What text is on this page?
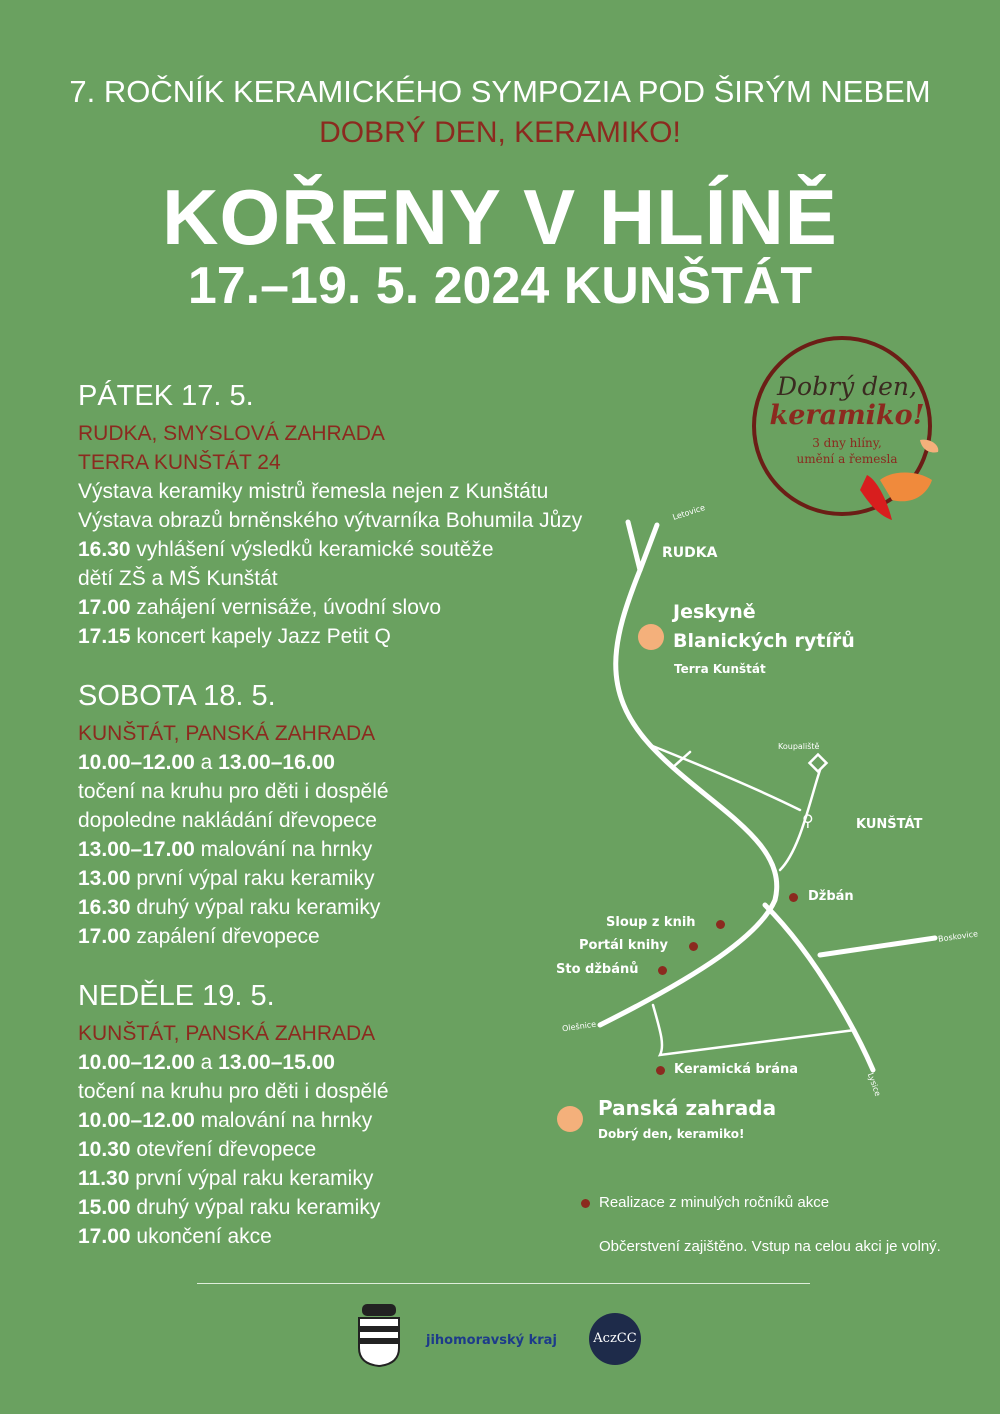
7. ROČNÍK KERAMICKÉHO SYMPOZIA POD ŠIRÝM NEBEM
DOBRÝ DEN, KERAMIKO!
KOŘENY V HLÍNĚ
17.–19. 5. 2024 KUNŠTÁT
PÁTEK 17. 5.
RUDKA, SMYSLOVÁ ZAHRADA
TERRA KUNŠTÁT 24
Výstava keramiky mistrů řemesla nejen z Kunštátu
Výstava obrazů brněnského výtvarníka Bohumila Jůzy
16.30 vyhlášení výsledků keramické soutěže
dětí ZŠ a MŠ Kunštát
17.00 zahájení vernisáže, úvodní slovo
17.15 koncert kapely Jazz Petit Q
SOBOTA 18. 5.
KUNŠTÁT, PANSKÁ ZAHRADA
10.00–12.00 a 13.00–16.00
točení na kruhu pro děti i dospělé
dopoledne nakládání dřevopece
13.00–17.00 malování na hrnky
13.00 první výpal raku keramiky
16.30 druhý výpal raku keramiky
17.00 zapálení dřevopece
NEDĚLE 19. 5.
KUNŠTÁT, PANSKÁ ZAHRADA
10.00–12.00 a 13.00–15.00
točení na kruhu pro děti i dospělé
10.00–12.00 malování na hrnky
10.30 otevření dřevopece
11.30 první výpal raku keramiky
15.00 druhý výpal raku keramiky
17.00 ukončení akce
Dobrý den,
keramiko!
3 dny hlíny,
umění a řemesla
⚲
Letovice
RUDKA
Jeskyně
Blanických rytířů
Terra Kunštát
Koupaliště
KUNŠTÁT
Džbán
Sloup z knih
Portál knihy
Sto džbánů
Boskovice
Olešnice
Keramická brána
Lysice
Panská zahrada
Dobrý den, keramiko!
Realizace z minulých ročníků akce
Občerstvení zajištěno. Vstup na celou akci je volný.
jihomoravský kraj	AczCC
